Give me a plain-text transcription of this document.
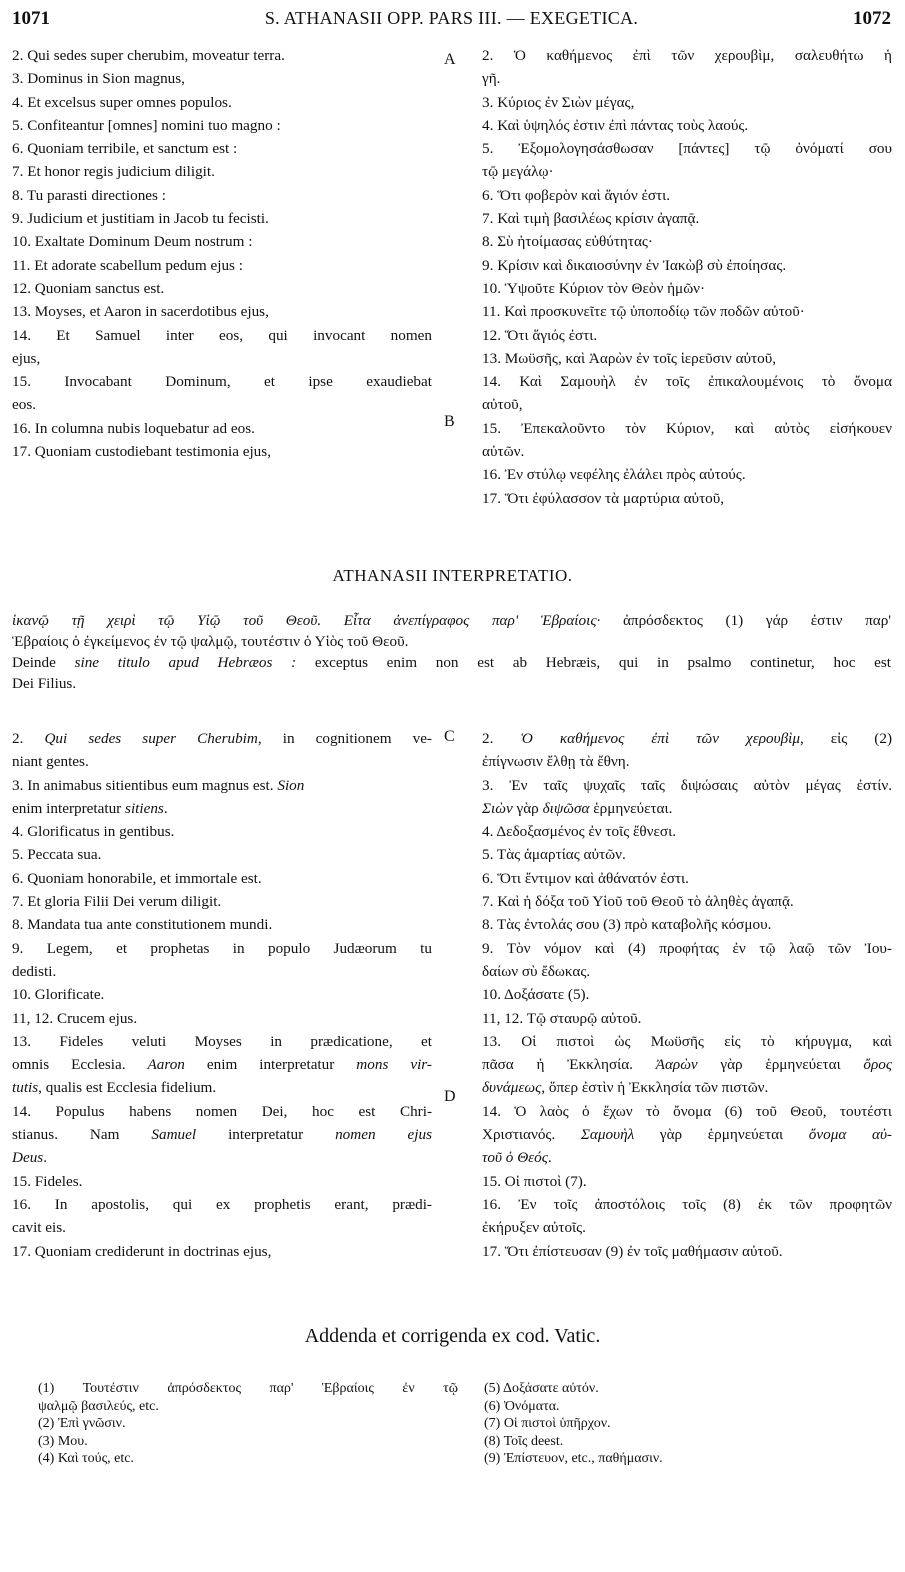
1071	S. ATHANASII OPP. PARS III. — EXEGETICA.	1072
2. Qui sedes super cherubim, moveatur terra.
3. Dominus in Sion magnus,
4. Et excelsus super omnes populos.
5. Confiteantur [omnes] nomini tuo magno :
6. Quoniam terribile, et sanctum est :
7. Et honor regis judicium diligit.
8. Tu parasti directiones :
9. Judicium et justitiam in Jacob tu fecisti.
10. Exaltate Dominum Deum nostrum :
11. Et adorate scabellum pedum ejus :
12. Quoniam sanctus est.
13. Moyses, et Aaron in sacerdotibus ejus,
14. Et Samuel inter eos, qui invocant nomen
ejus,
15. Invocabant Dominum, et ipse exaudiebat
eos.
16. In columna nubis loquebatur ad eos.
17. Quoniam custodiebant testimonia ejus,
2. Ὁ καθήμενος ἐπὶ τῶν χερουβὶμ, σαλευθήτω ἡ
γῆ.
3. Κύριος ἐν Σιὼν μέγας,
4. Καὶ ὑψηλός ἐστιν ἐπὶ πάντας τοὺς λαούς.
5. Ἐξομολογησάσθωσαν [πάντες] τῷ ὀνόματί σου
τῷ μεγάλῳ·
6. Ὅτι φοβερὸν καὶ ἅγιόν ἐστι.
7. Καὶ τιμὴ βασιλέως κρίσιν ἀγαπᾷ.
8. Σὺ ἡτοίμασας εὐθύτητας·
9. Κρίσιν καὶ δικαιοσύνην ἐν Ἰακὼβ σὺ ἐποίησας.
10. Ὑψοῦτε Κύριον τὸν Θεὸν ἡμῶν·
11. Καὶ προσκυνεῖτε τῷ ὑποποδίῳ τῶν ποδῶν αὐτοῦ·
12. Ὅτι ἅγιός ἐστι.
13. Μωϋσῆς, καὶ Ἀαρὼν ἐν τοῖς ἱερεῦσιν αὐτοῦ,
14. Καὶ Σαμουὴλ ἐν τοῖς ἐπικαλουμένοις τὸ ὄνομα
αὐτοῦ,
15. Ἐπεκαλοῦντο τὸν Κύριον, καὶ αὐτὸς εἰσήκουεν
αὐτῶν.
16. Ἐν στύλῳ νεφέλης ἐλάλει πρὸς αὐτούς.
17. Ὅτι ἐφύλασσον τὰ μαρτύρια αὐτοῦ,
A
B
ATHANASII INTERPRETATIO.
ἱκανῷ τῇ χειρὶ τῷ Υἱῷ τοῦ Θεοῦ. Εἶτα ἀνεπίγραφος παρ' Ἑβραίοις· ἀπρόσδεκτος (1) γάρ ἐστιν παρ'
Ἑβραίοις ὁ ἐγκείμενος ἐν τῷ ψαλμῷ, τουτέστιν ὁ Υἱὸς τοῦ Θεοῦ.
Deinde sine titulo apud Hebræos : exceptus enim non est ab Hebræis, qui in psalmo continetur, hoc est
Dei Filius.
2. Qui sedes super Cherubim, in cognitionem ve-
niant gentes.
3. In animabus sitientibus eum magnus est. Sion
enim interpretatur sitiens.
4. Glorificatus in gentibus.
5. Peccata sua.
6. Quoniam honorabile, et immortale est.
7. Et gloria Filii Dei verum diligit.
8. Mandata tua ante constitutionem mundi.
9. Legem, et prophetas in populo Judæorum tu
dedisti.
10. Glorificate.
11, 12. Crucem ejus.
13. Fideles veluti Moyses in prædicatione, et
omnis Ecclesia. Aaron enim interpretatur mons vir-
tutis, qualis est Ecclesia fidelium.
14. Populus habens nomen Dei, hoc est Chri-
stianus. Nam Samuel interpretatur nomen ejus
Deus.
15. Fideles.
16. In apostolis, qui ex prophetis erant, prædi-
cavit eis.
17. Quoniam crediderunt in doctrinas ejus,
2. Ὁ καθήμενος ἐπὶ τῶν χερουβὶμ, εἰς (2)
ἐπίγνωσιν ἔλθῃ τὰ ἔθνη.
3. Ἐν ταῖς ψυχαῖς ταῖς διψώσαις αὐτὸν μέγας ἐστίν.
Σιὼν γὰρ διψῶσα ἑρμηνεύεται.
4. Δεδοξασμένος ἐν τοῖς ἔθνεσι.
5. Τὰς ἁμαρτίας αὐτῶν.
6. Ὅτι ἔντιμον καὶ ἀθάνατόν ἐστι.
7. Καὶ ἡ δόξα τοῦ Υἱοῦ τοῦ Θεοῦ τὸ ἀληθὲς ἀγαπᾷ.
8. Τὰς ἐντολάς σου (3) πρὸ καταβολῆς κόσμου.
9. Τὸν νόμον καὶ (4) προφήτας ἐν τῷ λαῷ τῶν Ἰου-
δαίων σὺ ἔδωκας.
10. Δοξάσατε (5).
11, 12. Τῷ σταυρῷ αὐτοῦ.
13. Οἱ πιστοὶ ὡς Μωϋσῆς εἰς τὸ κήρυγμα, καὶ
πᾶσα ἡ Ἐκκλησία. Ἀαρὼν γὰρ ἑρμηνεύεται ὄρος
δυνάμεως, ὅπερ ἐστὶν ἡ Ἐκκλησία τῶν πιστῶν.
14. Ὁ λαὸς ὁ ἔχων τὸ ὄνομα (6) τοῦ Θεοῦ, τουτέστι
Χριστιανός. Σαμουὴλ γὰρ ἑρμηνεύεται ὄνομα αὐ-
τοῦ ὁ Θεός.
15. Οἱ πιστοὶ (7).
16. Ἐν τοῖς ἀποστόλοις τοῖς (8) ἐκ τῶν προφητῶν
ἐκήρυξεν αὐτοῖς.
17. Ὅτι ἐπίστευσαν (9) ἐν τοῖς μαθήμασιν αὐτοῦ.
C
D
Addenda et corrigenda ex cod. Vatic.
(1) Τουτέστιν ἀπρόσδεκτος παρ' Ἑβραίοις ἐν τῷ
ψαλμῷ βασιλεύς, etc.
(2) Ἐπὶ γνῶσιν.
(3) Μου.
(4) Καὶ τούς, etc.
(5) Δοξάσατε αὐτόν.
(6) Ὀνόματα.
(7) Οἱ πιστοὶ ὑπῆρχον.
(8) Τοῖς deest.
(9) Ἐπίστευον, etc., παθήμασιν.
